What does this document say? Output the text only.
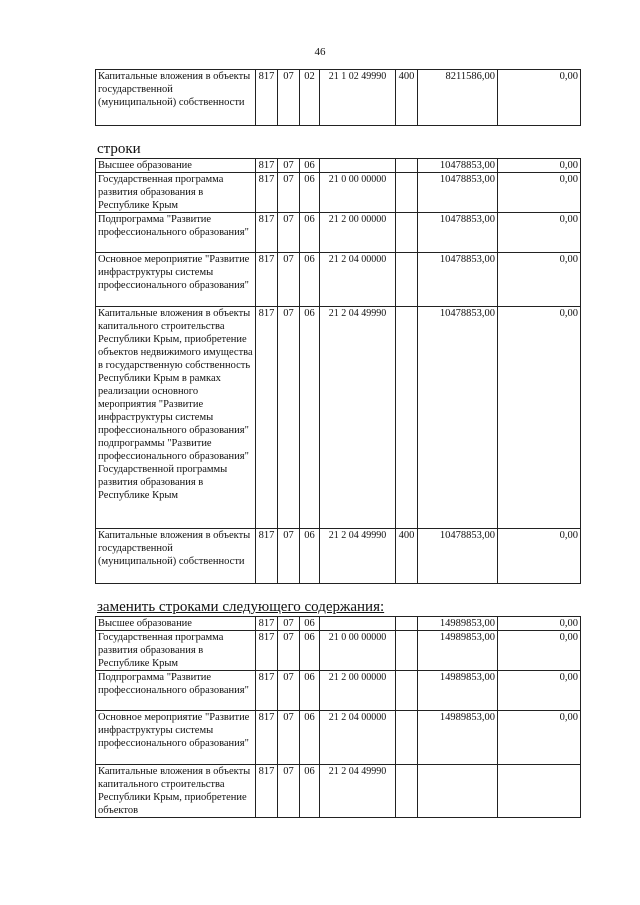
46
Капитальные вложения в объекты государственной (муниципальной) собственности	817	07	02	21 1 02 49990	400	8211586,00	0,00
строки
Высшее образование	817	07	06			10478853,00	0,00
Государственная программа развития образования в Республике Крым	817	07	06	21 0 00 00000		10478853,00	0,00
Подпрограмма "Развитие профессионального образования"	817	07	06	21 2 00 00000		10478853,00	0,00
Основное мероприятие "Развитие инфраструктуры системы профессионального образования"	817	07	06	21 2 04 00000		10478853,00	0,00
Капитальные вложения в объекты капитального строительства Республики Крым, приобретение объектов недвижимого имущества в государственную собственность Республики Крым в рамках реализации основного мероприятия "Развитие инфраструктуры системы профессионального образования" подпрограммы "Развитие профессионального образования" Государственной программы развития образования в Республике Крым	817	07	06	21 2 04 49990		10478853,00	0,00
Капитальные вложения в объекты государственной (муниципальной) собственности	817	07	06	21 2 04 49990	400	10478853,00	0,00
заменить строками следующего содержания:
Высшее образование	817	07	06			14989853,00	0,00
Государственная программа развития образования в Республике Крым	817	07	06	21 0 00 00000		14989853,00	0,00
Подпрограмма "Развитие профессионального образования"	817	07	06	21 2 00 00000		14989853,00	0,00
Основное мероприятие "Развитие инфраструктуры системы профессионального образования"	817	07	06	21 2 04 00000		14989853,00	0,00
Капитальные вложения в объекты капитального строительства Республики Крым, приобретение объектов	817	07	06	21 2 04 49990			
